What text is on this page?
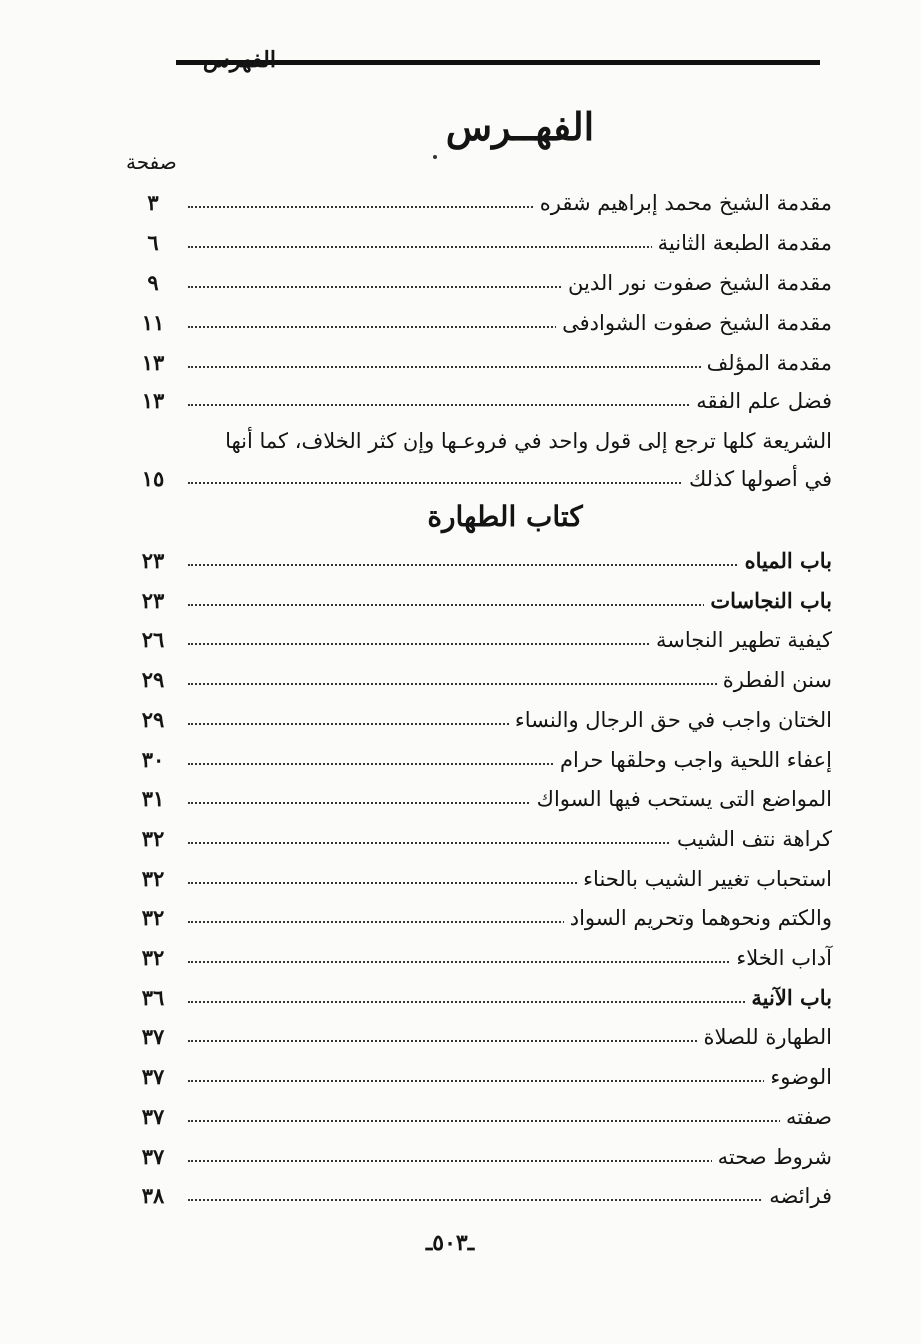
الفهرس
الفهــرس
صفحة
مقدمة الشيخ محمد إبراهيم شقره
٣
مقدمة الطبعة الثانية
٦
مقدمة الشيخ صفوت نور الدين
٩
مقدمة الشيخ صفوت الشوادفى
١١
مقدمة المؤلف
١٣
فضل علم الفقه
١٣
في أصولها كذلك
١٥
باب المياه
٢٣
باب النجاسات
٢٣
كيفية تطهير النجاسة
٢٦
سنن الفطرة
٢٩
الختان واجب في حق الرجال والنساء
٢٩
إعفاء اللحية واجب وحلقها حرام
٣٠
المواضع التى يستحب فيها السواك
٣١
كراهة نتف الشيب
٣٢
استحباب تغيير الشيب بالحناء
٣٢
والكتم ونحوهما وتحريم السواد
٣٢
آداب الخلاء
٣٢
باب الآنية
٣٦
الطهارة للصلاة
٣٧
الوضوء
٣٧
صفته
٣٧
شروط صحته
٣٧
فرائضه
٣٨
الشريعة كلها ترجع إلى قول واحد في فروعـها وإن كثر الخلاف، كما أنها
كتاب الطهارة
ـ٥٠٣ـ
